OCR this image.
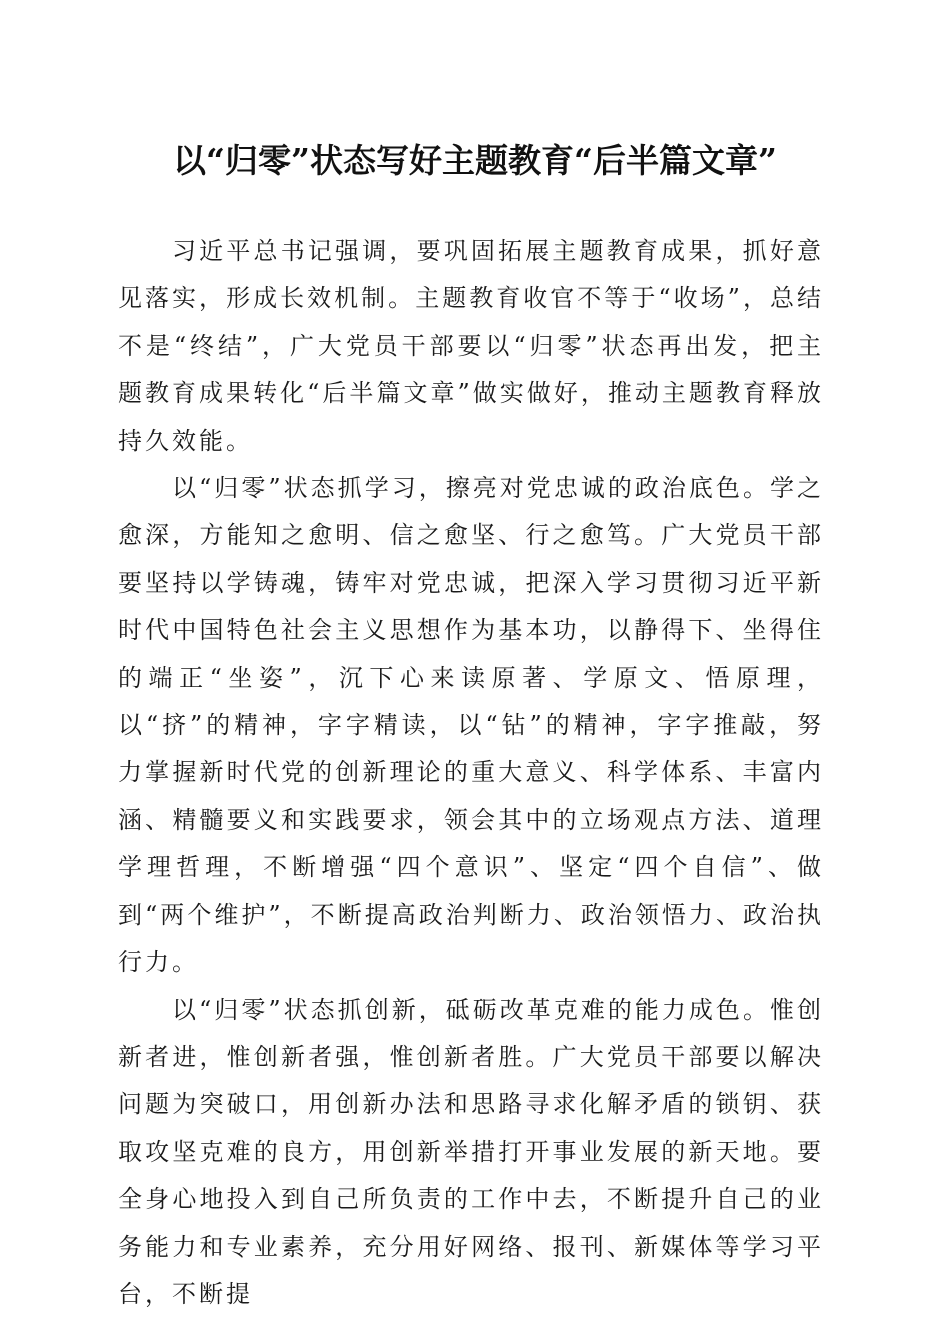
以“归零”状态写好主题教育“后半篇文章”

习近平总书记强调，要巩固拓展主题教育成果，抓好意见落实，形成长效机制。主题教育收官不等于“收场”，总结不是“终结”，广大党员干部要以“归零”状态再出发，把主题教育成果转化“后半篇文章”做实做好，推动主题教育释放持久效能。

以“归零”状态抓学习，擦亮对党忠诚的政治底色。学之愈深，方能知之愈明、信之愈坚、行之愈笃。广大党员干部要坚持以学铸魂，铸牢对党忠诚，把深入学习贯彻习近平新时代中国特色社会主义思想作为基本功，以静得下、坐得住的端正“坐姿”，沉下心来读原著、学原文、悟原理，以“挤”的精神，字字精读，以“钻”的精神，字字推敲，努力掌握新时代党的创新理论的重大意义、科学体系、丰富内涵、精髓要义和实践要求，领会其中的立场观点方法、道理学理哲理，不断增强“四个意识”、坚定“四个自信”、做到“两个维护”，不断提高政治判断力、政治领悟力、政治执行力。

以“归零”状态抓创新，砥砺改革克难的能力成色。惟创新者进，惟创新者强，惟创新者胜。广大党员干部要以解决问题为突破口，用创新办法和思路寻求化解矛盾的锁钥、获取攻坚克难的良方，用创新举措打开事业发展的新天地。要全身心地投入到自己所负责的工作中去，不断提升自己的业务能力和专业素养，充分用好网络、报刊、新媒体等学习平台，不断提
